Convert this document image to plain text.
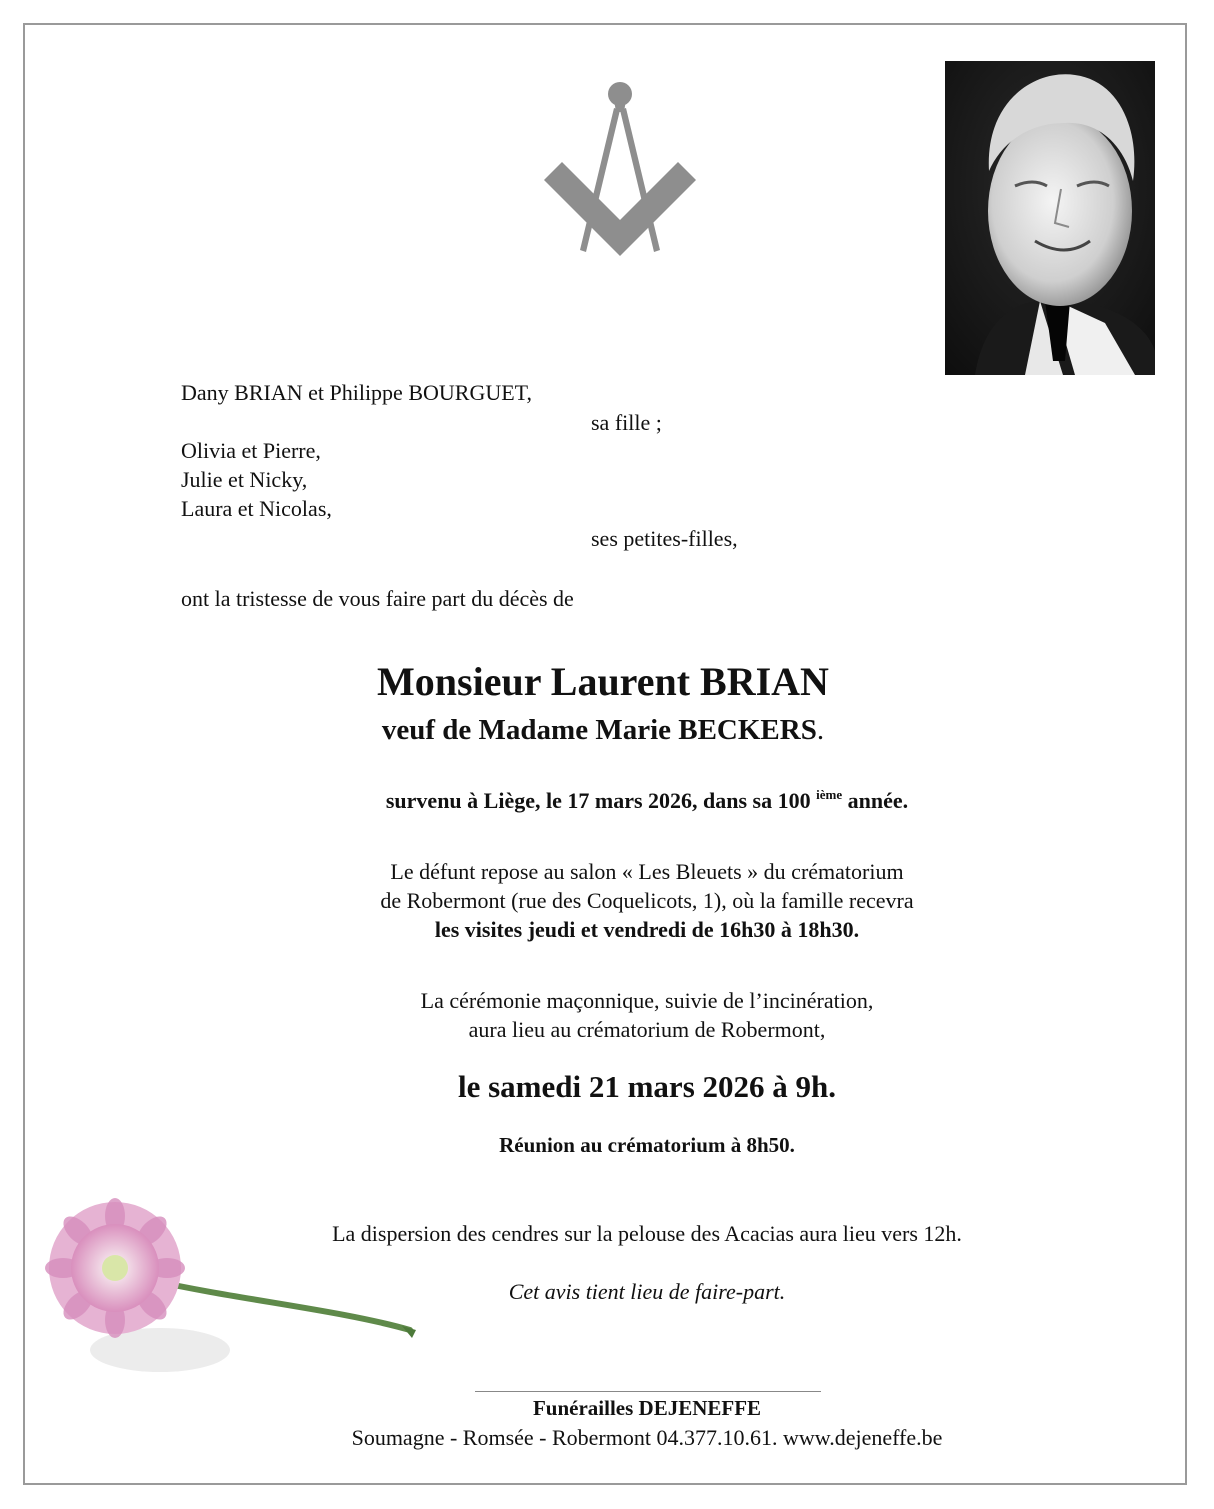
Dany BRIAN et Philippe BOURGUET,
sa fille ;
Olivia et Pierre,
Julie et Nicky,
Laura et Nicolas,
ses petites-filles,
ont la tristesse de vous faire part du décès de
Monsieur Laurent BRIAN
veuf de Madame Marie BECKERS.
survenu à Liège, le 17 mars 2026, dans sa 100 $^{ième}$ année.
Le défunt repose au salon « Les Bleuets » du crématorium
de Robermont (rue des Coquelicots, 1), où la famille recevra
les visites jeudi et vendredi de 16h30 à 18h30.
La cérémonie maçonnique, suivie de l’incinération,
aura lieu au crématorium de Robermont,
le samedi 21 mars 2026 à 9h.
Réunion au crématorium à 8h50.
La dispersion des cendres sur la pelouse des Acacias aura lieu vers 12h.
Cet avis tient lieu de faire-part.
Funérailles DEJENEFFE
Soumagne - Romsée - Robermont 04.377.10.61. www.dejeneffe.be
